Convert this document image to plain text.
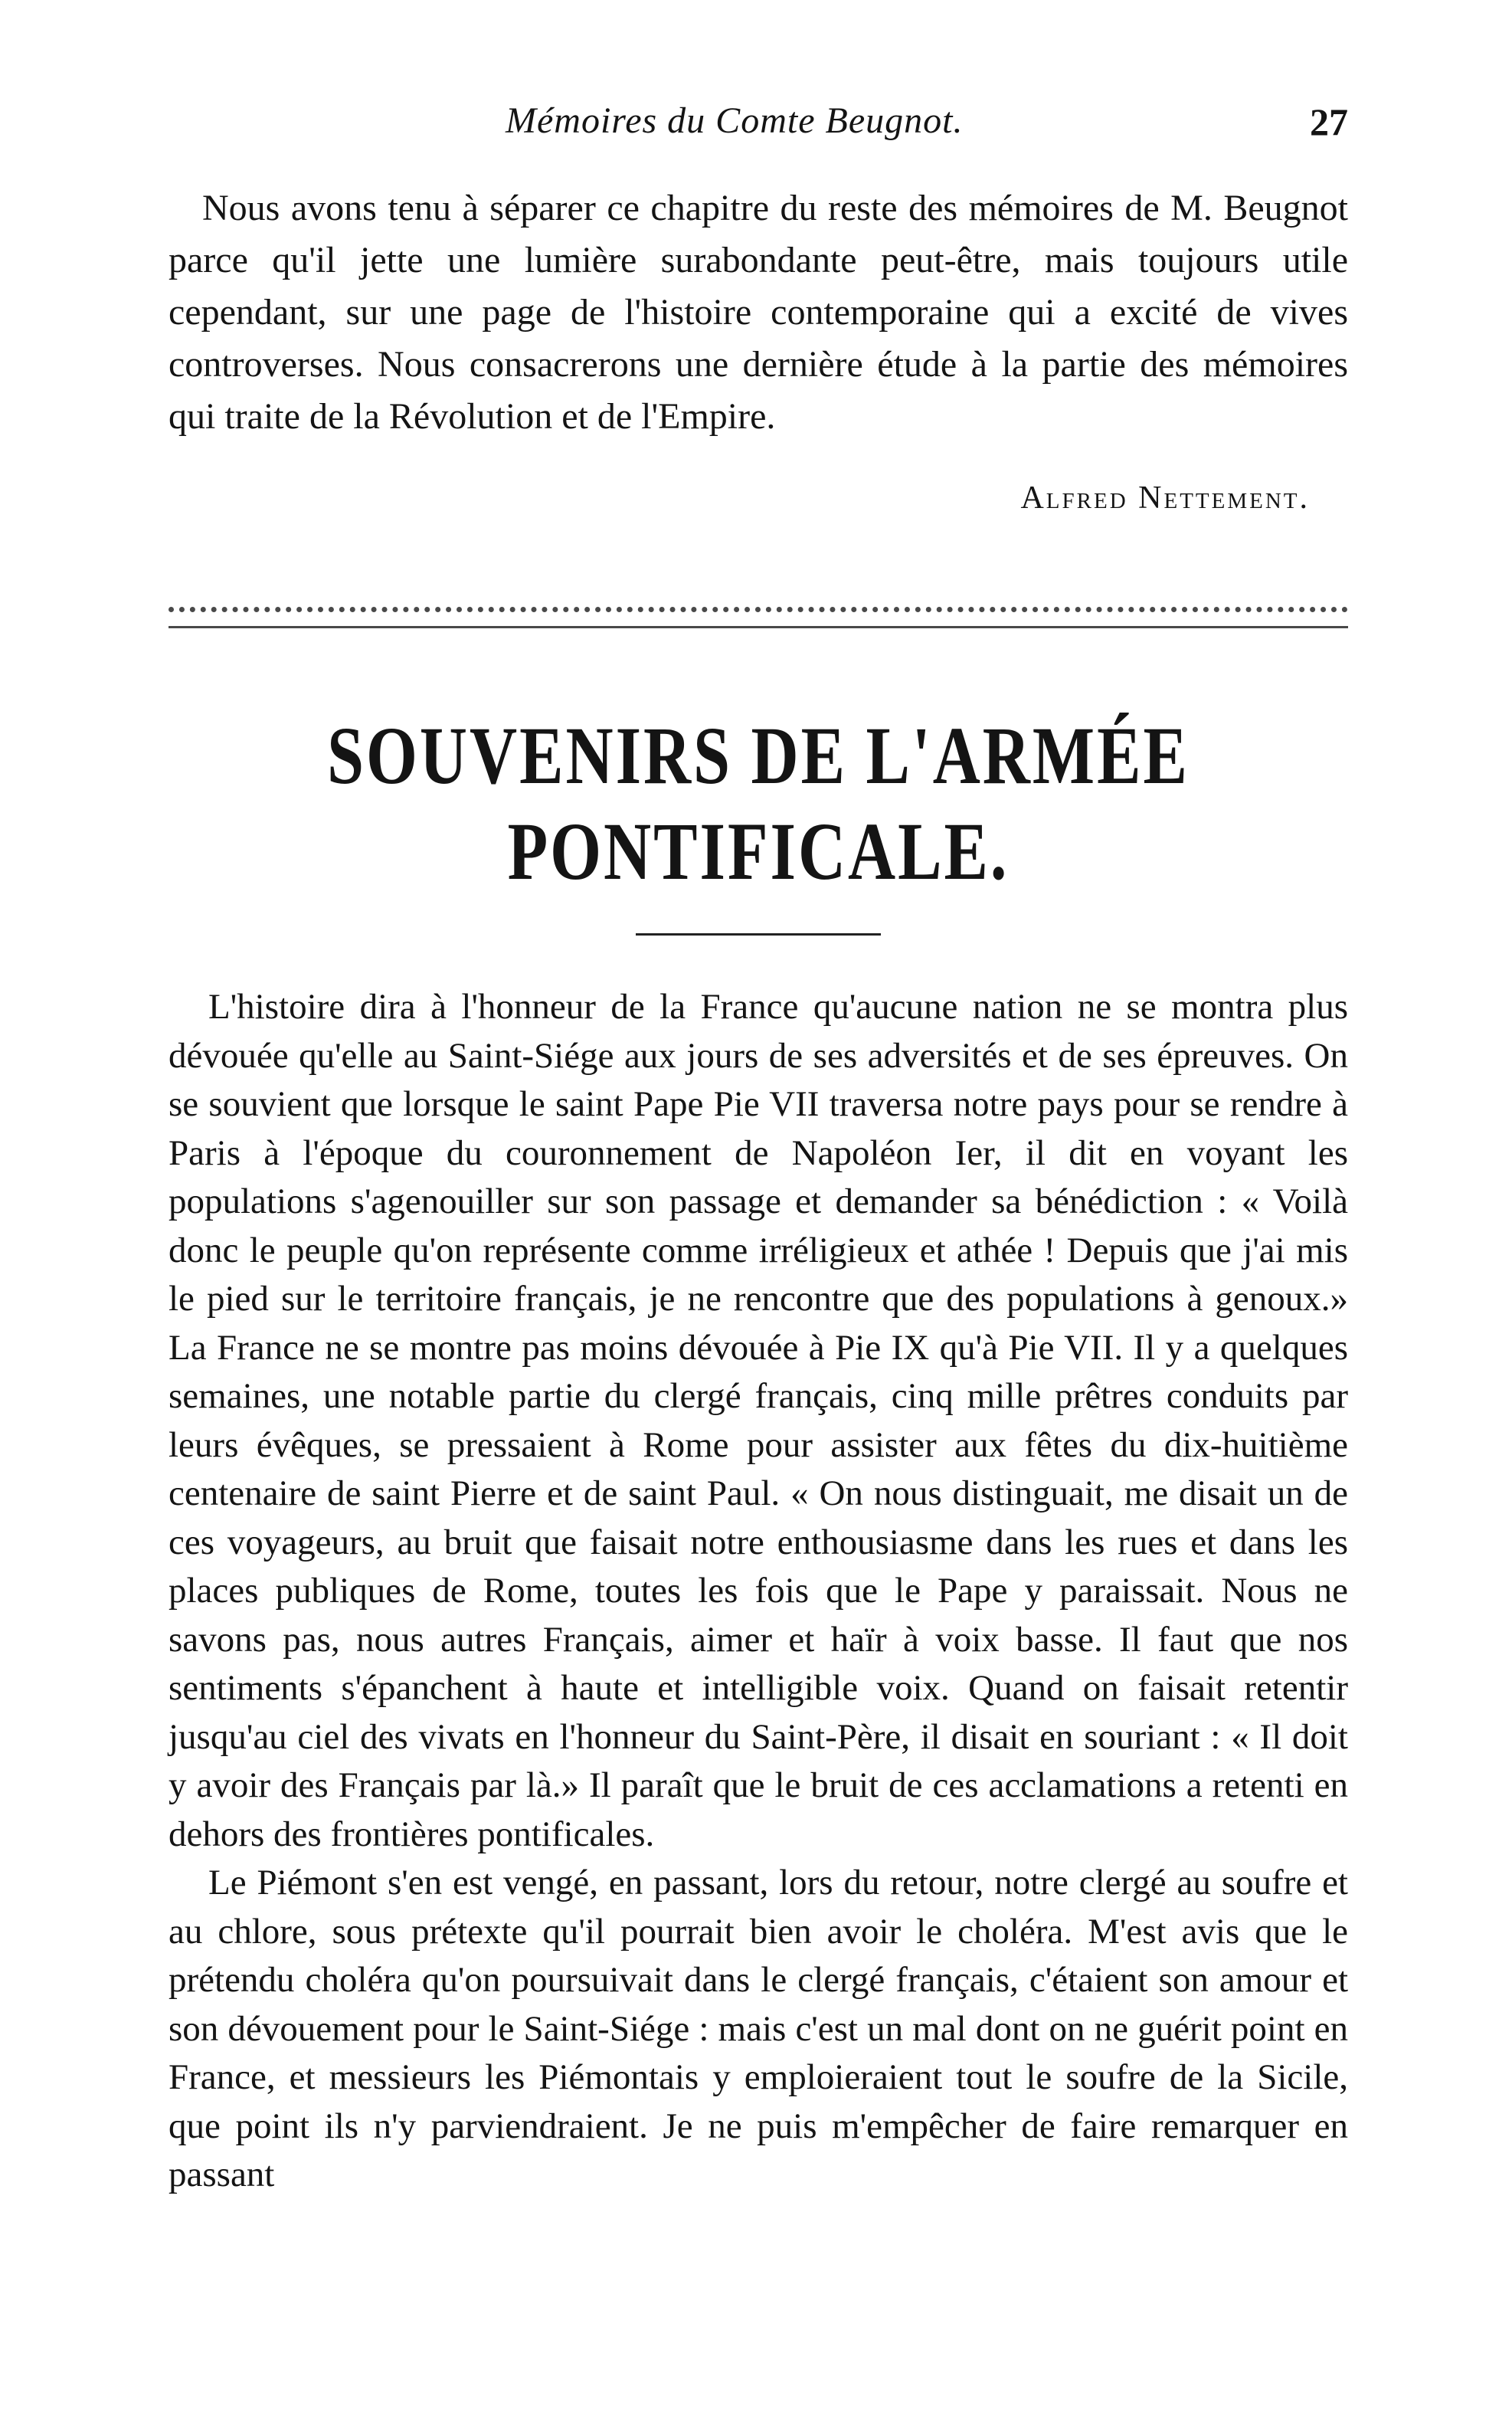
Mémoires du Comte Beugnot.	27

Nous avons tenu à séparer ce chapitre du reste des mémoires de M. Beugnot parce qu'il jette une lumière surabondante peut-être, mais toujours utile cependant, sur une page de l'histoire contemporaine qui a excité de vives controverses. Nous consacrerons une dernière étude à la partie des mémoires qui traite de la Révolution et de l'Empire.

Alfred Nettement.
SOUVENIRS DE L'ARMÉE PONTIFICALE.

L'histoire dira à l'honneur de la France qu'aucune nation ne se montra plus dévouée qu'elle au Saint-Siége aux jours de ses adversités et de ses épreuves. On se souvient que lorsque le saint Pape Pie VII traversa notre pays pour se rendre à Paris à l'époque du couronnement de Napoléon Ier, il dit en voyant les populations s'agenouiller sur son passage et demander sa bénédiction : « Voilà donc le peuple qu'on représente comme irréligieux et athée ! Depuis que j'ai mis le pied sur le territoire français, je ne rencontre que des populations à genoux.» La France ne se montre pas moins dévouée à Pie IX qu'à Pie VII. Il y a quelques semaines, une notable partie du clergé français, cinq mille prêtres conduits par leurs évêques, se pressaient à Rome pour assister aux fêtes du dix-huitième centenaire de saint Pierre et de saint Paul. « On nous distinguait, me disait un de ces voyageurs, au bruit que faisait notre enthousiasme dans les rues et dans les places publiques de Rome, toutes les fois que le Pape y paraissait. Nous ne savons pas, nous autres Français, aimer et haïr à voix basse. Il faut que nos sentiments s'épanchent à haute et intelligible voix. Quand on faisait retentir jusqu'au ciel des vivats en l'honneur du Saint-Père, il disait en souriant : « Il doit y avoir des Français par là.» Il paraît que le bruit de ces acclamations a retenti en dehors des frontières pontificales.

Le Piémont s'en est vengé, en passant, lors du retour, notre clergé au soufre et au chlore, sous prétexte qu'il pourrait bien avoir le choléra. M'est avis que le prétendu choléra qu'on poursuivait dans le clergé français, c'étaient son amour et son dévouement pour le Saint-Siége : mais c'est un mal dont on ne guérit point en France, et messieurs les Piémontais y emploieraient tout le soufre de la Sicile, que point ils n'y parviendraient. Je ne puis m'empêcher de faire remarquer en passant
